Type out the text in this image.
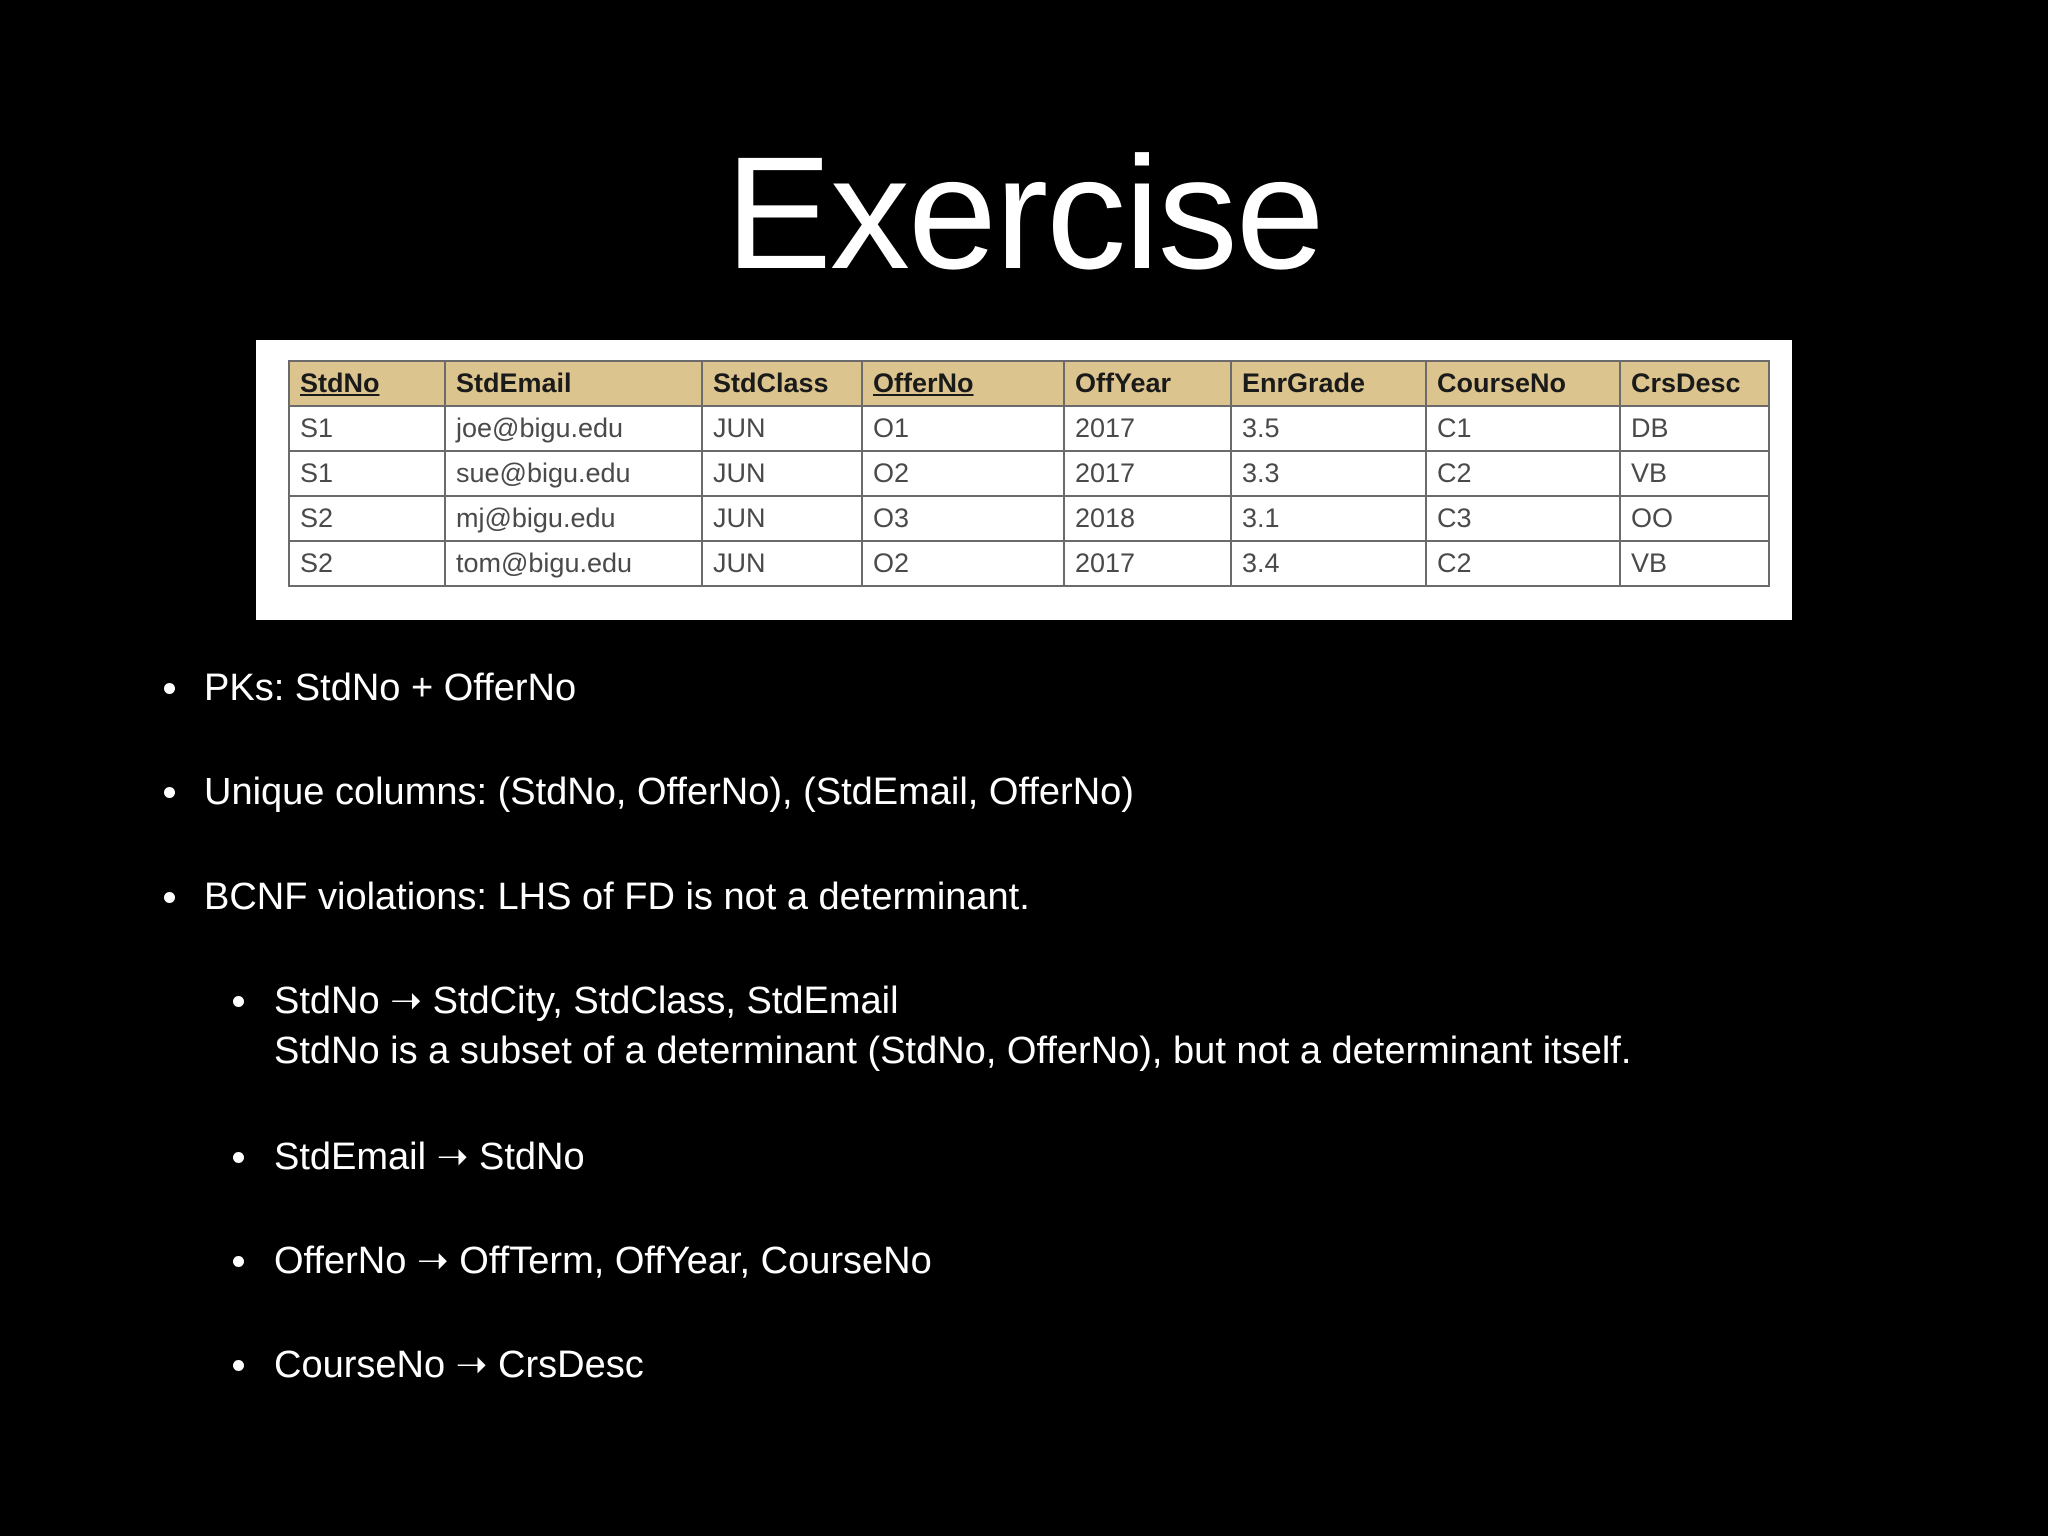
Exercise
StdNo	StdEmail	StdClass	OfferNo	OffYear	EnrGrade	CourseNo	CrsDesc
S1	joe@bigu.edu	JUN	O1	2017	3.5	C1	DB
S1	sue@bigu.edu	JUN	O2	2017	3.3	C2	VB
S2	mj@bigu.edu	JUN	O3	2018	3.1	C3	OO
S2	tom@bigu.edu	JUN	O2	2017	3.4	C2	VB
PKs: StdNo + OfferNo
Unique columns: (StdNo, OfferNo), (StdEmail, OfferNo)
BCNF violations: LHS of FD is not a determinant.
StdNo ➝ StdCity, StdClass, StdEmail
StdNo is a subset of a determinant (StdNo, OfferNo), but not a determinant itself.
StdEmail ➝ StdNo
OfferNo ➝ OffTerm, OffYear, CourseNo
CourseNo ➝ CrsDesc
